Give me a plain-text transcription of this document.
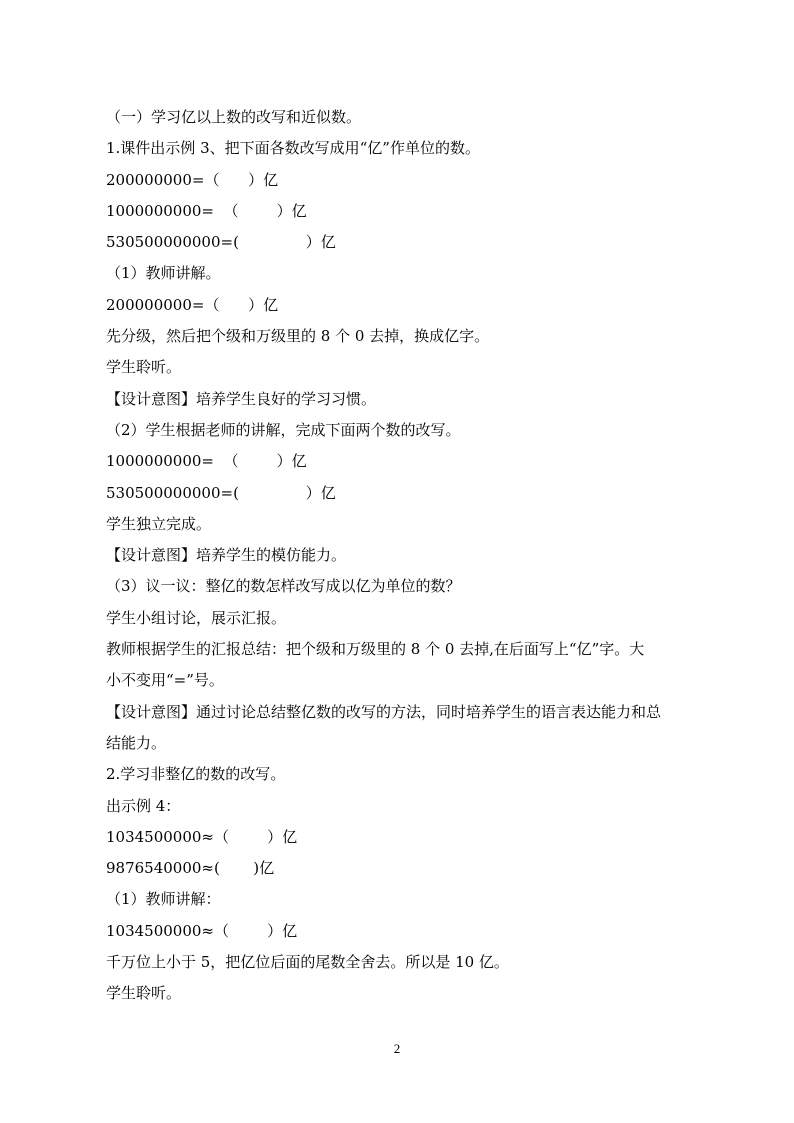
（一）学习亿以上数的改写和近似数。

1.课件出示例 3、把下面各数改写成用“亿”作单位的数。

200000000=（      ）亿

1000000000=  （        ）亿

530500000000=(              ）亿

（1）教师讲解。

200000000=（      ）亿

先分级，然后把个级和万级里的 8 个 0 去掉，换成亿字。

学生聆听。

【设计意图】培养学生良好的学习习惯。

（2）学生根据老师的讲解，完成下面两个数的改写。

1000000000=  （        ）亿

530500000000=(              ）亿

学生独立完成。

【设计意图】培养学生的模仿能力。

（3）议一议：整亿的数怎样改写成以亿为单位的数？

学生小组讨论，展示汇报。

教师根据学生的汇报总结：把个级和万级里的 8 个 0 去掉,在后面写上“亿”字。大

小不变用“=”号。

【设计意图】通过讨论总结整亿数的改写的方法，同时培养学生的语言表达能力和总

结能力。

2.学习非整亿的数的改写。

出示例 4：

1034500000≈（        ）亿

9876540000≈(       )亿

（1）教师讲解：

1034500000≈（        ）亿

千万位上小于 5，把亿位后面的尾数全舍去。所以是 10 亿。

学生聆听。

2
